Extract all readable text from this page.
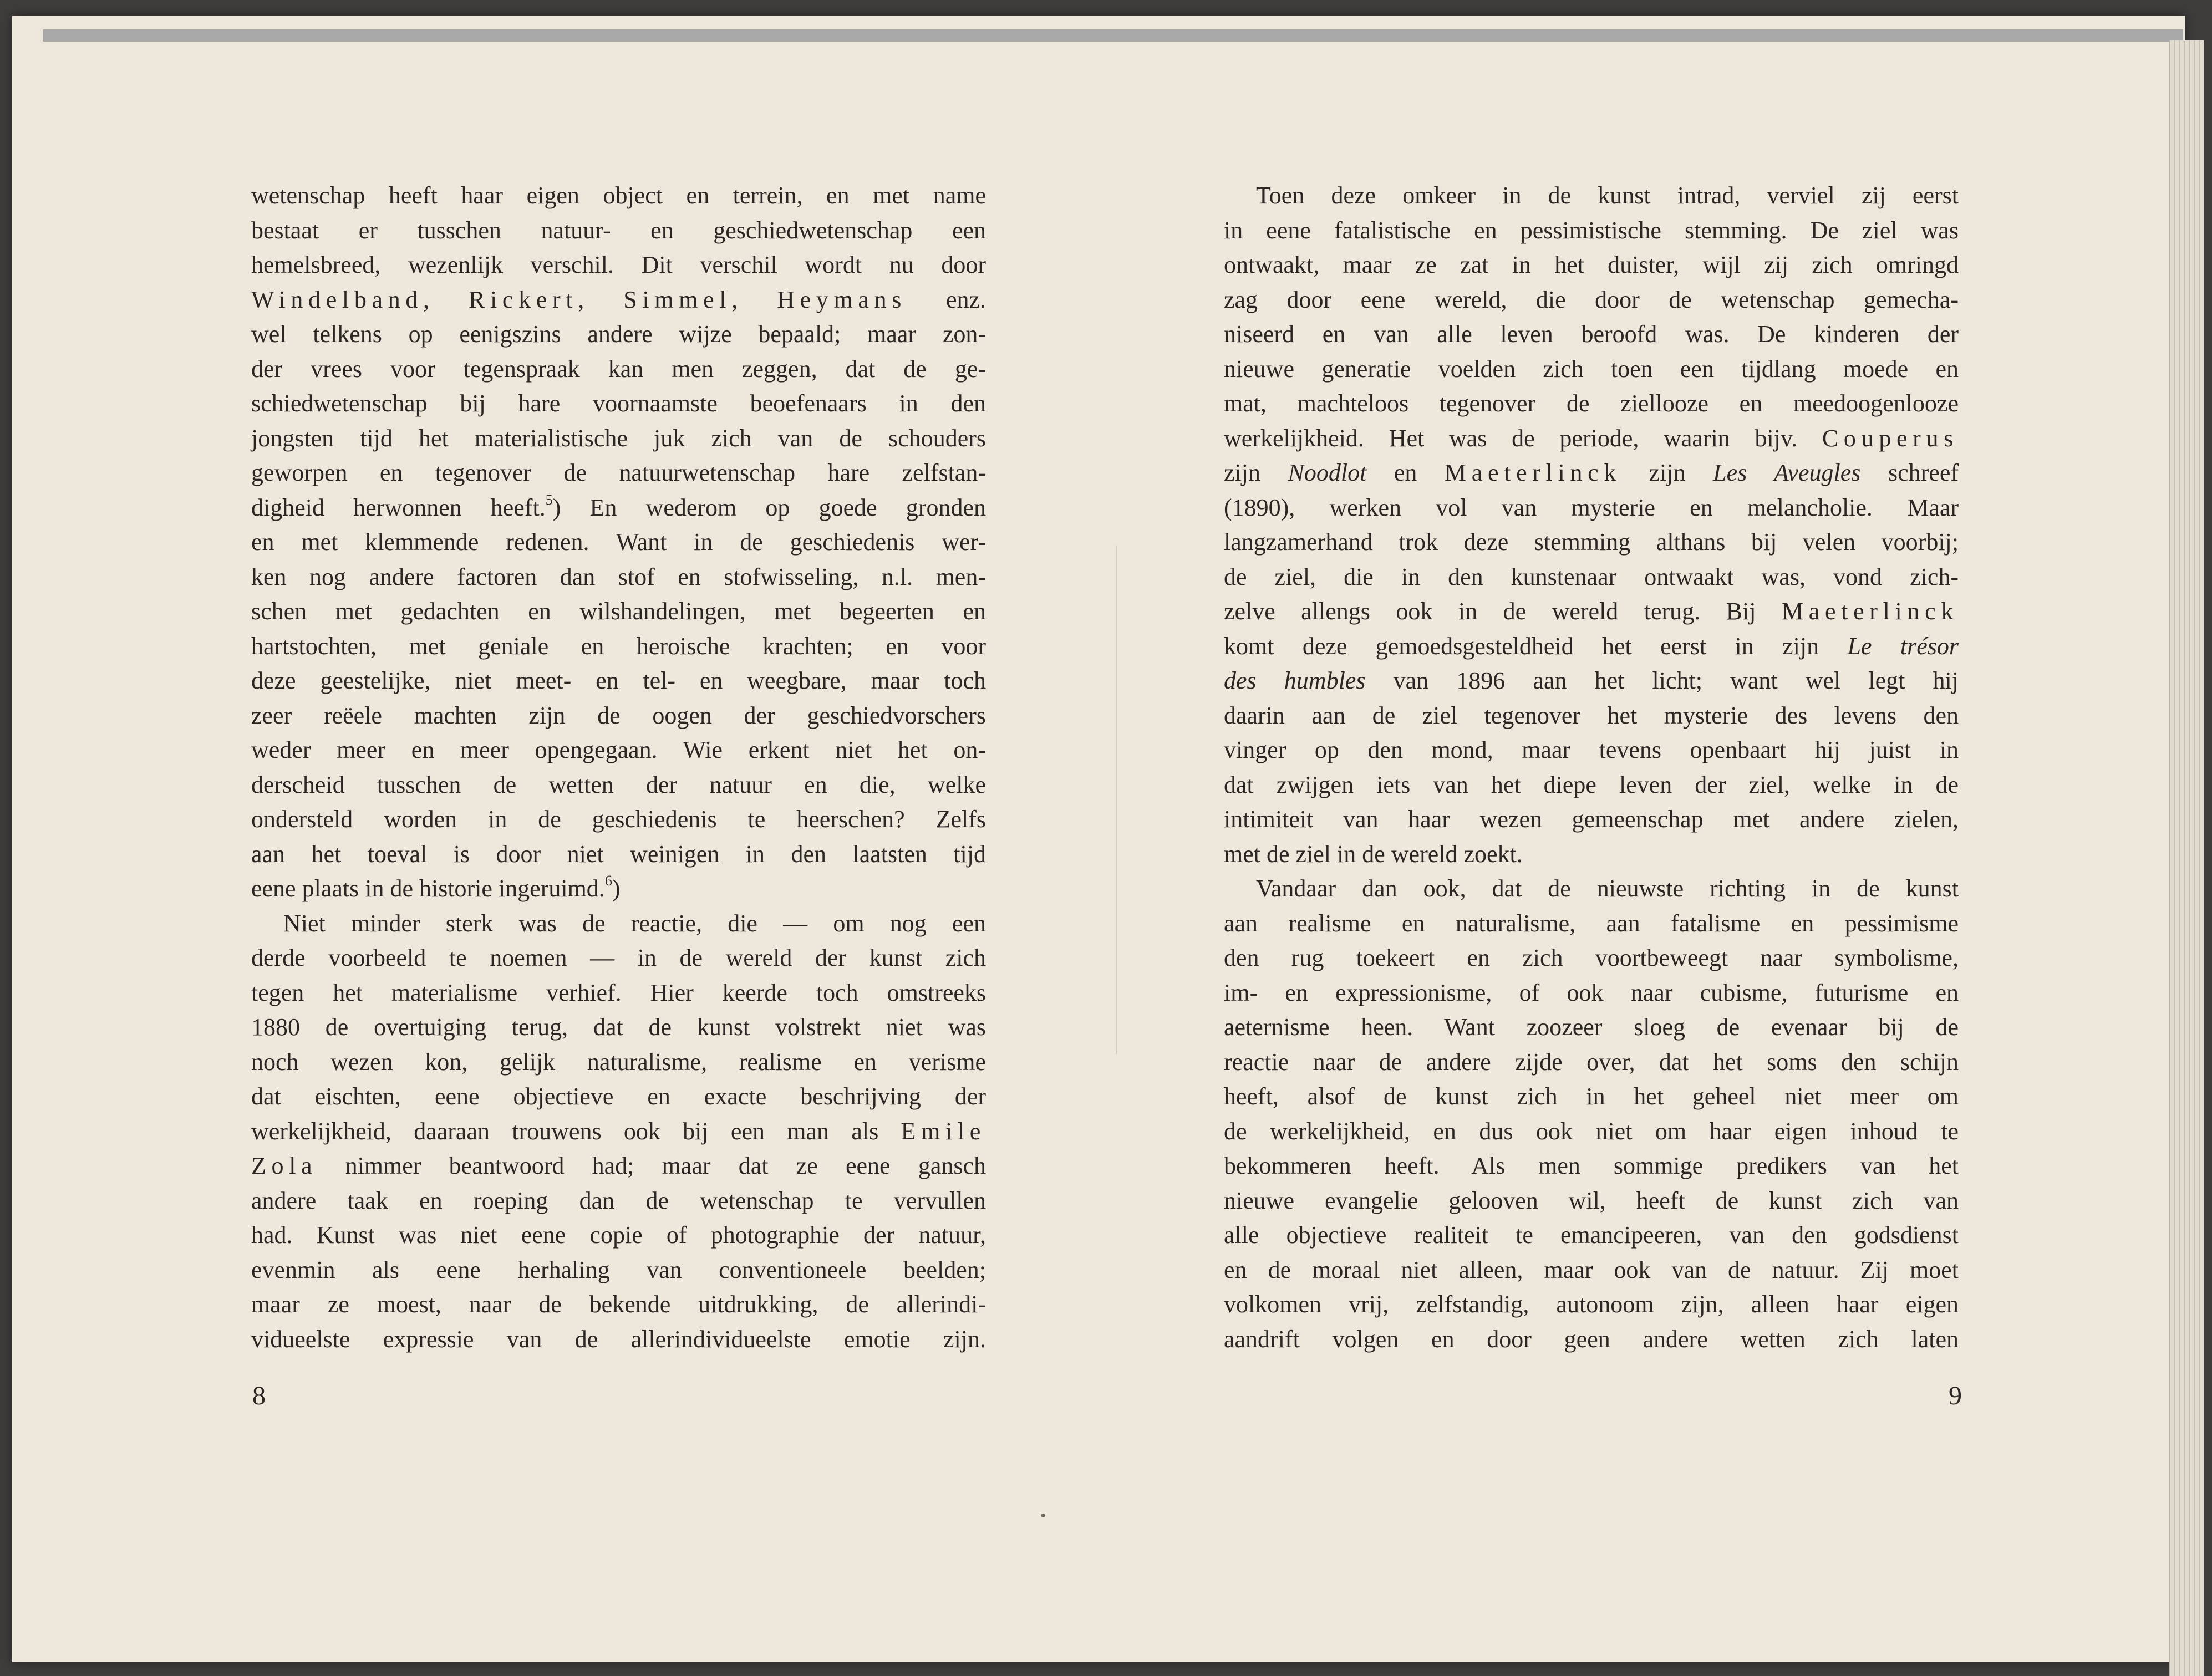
wetenschap heeft haar eigen object en terrein, en met name
bestaat er tusschen natuur- en geschiedwetenschap een
hemelsbreed, wezenlijk verschil. Dit verschil wordt nu door
Windelband, Rickert, Simmel, Heymans enz.
wel telkens op eenigszins andere wijze bepaald; maar zon-
der vrees voor tegenspraak kan men zeggen, dat de ge-
schiedwetenschap bij hare voornaamste beoefenaars in den
jongsten tijd het materialistische juk zich van de schouders
geworpen en tegenover de natuurwetenschap hare zelfstan-
digheid herwonnen heeft.$^5$) En wederom op goede gronden
en met klemmende redenen. Want in de geschiedenis wer-
ken nog andere factoren dan stof en stofwisseling, n.l. men-
schen met gedachten en wilshandelingen, met begeerten en
hartstochten, met geniale en heroische krachten; en voor
deze geestelijke, niet meet- en tel- en weegbare, maar toch
zeer reëele machten zijn de oogen der geschiedvorschers
weder meer en meer opengegaan. Wie erkent niet het on-
derscheid tusschen de wetten der natuur en die, welke
ondersteld worden in de geschiedenis te heerschen? Zelfs
aan het toeval is door niet weinigen in den laatsten tijd
eene plaats in de historie ingeruimd.$^6$)
Niet minder sterk was de reactie, die — om nog een
derde voorbeeld te noemen — in de wereld der kunst zich
tegen het materialisme verhief. Hier keerde toch omstreeks
1880 de overtuiging terug, dat de kunst volstrekt niet was
noch wezen kon, gelijk naturalisme, realisme en verisme
dat eischten, eene objectieve en exacte beschrijving der
werkelijkheid, daaraan trouwens ook bij een man als Emile
Zola nimmer beantwoord had; maar dat ze eene gansch
andere taak en roeping dan de wetenschap te vervullen
had. Kunst was niet eene copie of photographie der natuur,
evenmin als eene herhaling van conventioneele beelden;
maar ze moest, naar de bekende uitdrukking, de allerindi-
vidueelste expressie van de allerindividueelste emotie zijn.
Toen deze omkeer in de kunst intrad, verviel zij eerst
in eene fatalistische en pessimistische stemming. De ziel was
ontwaakt, maar ze zat in het duister, wijl zij zich omringd
zag door eene wereld, die door de wetenschap gemecha-
niseerd en van alle leven beroofd was. De kinderen der
nieuwe generatie voelden zich toen een tijdlang moede en
mat, machteloos tegenover de ziellooze en meedoogenlooze
werkelijkheid. Het was de periode, waarin bijv. Couperus
zijn Noodlot en Maeterlinck zijn Les Aveugles schreef
(1890), werken vol van mysterie en melancholie. Maar
langzamerhand trok deze stemming althans bij velen voorbij;
de ziel, die in den kunstenaar ontwaakt was, vond zich-
zelve allengs ook in de wereld terug. Bij Maeterlinck
komt deze gemoedsgesteldheid het eerst in zijn Le trésor
des humbles van 1896 aan het licht; want wel legt hij
daarin aan de ziel tegenover het mysterie des levens den
vinger op den mond, maar tevens openbaart hij juist in
dat zwijgen iets van het diepe leven der ziel, welke in de
intimiteit van haar wezen gemeenschap met andere zielen,
met de ziel in de wereld zoekt.
Vandaar dan ook, dat de nieuwste richting in de kunst
aan realisme en naturalisme, aan fatalisme en pessimisme
den rug toekeert en zich voortbeweegt naar symbolisme,
im- en expressionisme, of ook naar cubisme, futurisme en
aeternisme heen. Want zoozeer sloeg de evenaar bij de
reactie naar de andere zijde over, dat het soms den schijn
heeft, alsof de kunst zich in het geheel niet meer om
de werkelijkheid, en dus ook niet om haar eigen inhoud te
bekommeren heeft. Als men sommige predikers van het
nieuwe evangelie gelooven wil, heeft de kunst zich van
alle objectieve realiteit te emancipeeren, van den godsdienst
en de moraal niet alleen, maar ook van de natuur. Zij moet
volkomen vrij, zelfstandig, autonoom zijn, alleen haar eigen
aandrift volgen en door geen andere wetten zich laten
8	9
